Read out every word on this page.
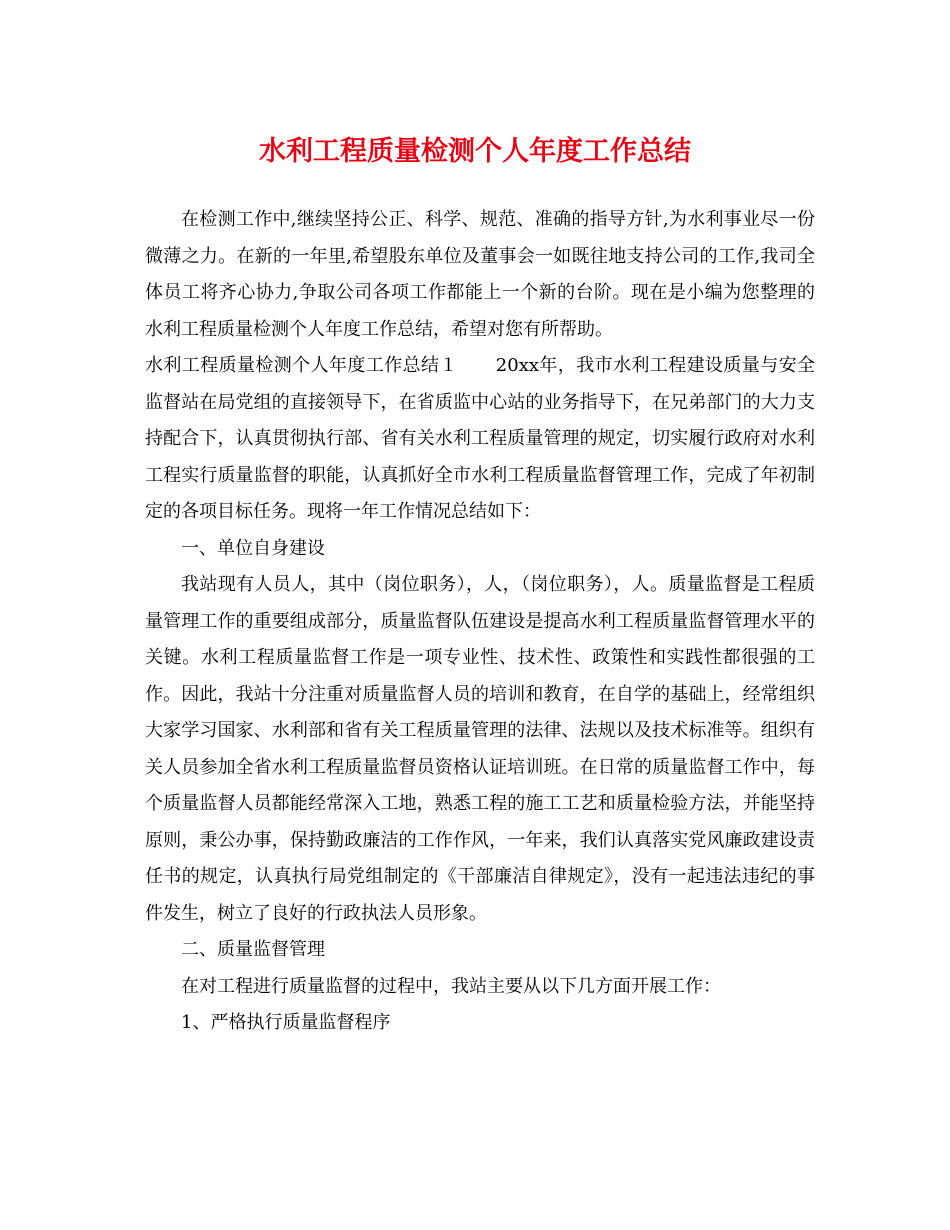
水利工程质量检测个人年度工作总结

在检测工作中,继续坚持公正、科学、规范、准确的指导方针,为水利事业尽一份微薄之力。在新的一年里,希望股东单位及董事会一如既往地支持公司的工作,我司全体员工将齐心协力,争取公司各项工作都能上一个新的台阶。现在是小编为您整理的水利工程质量检测个人年度工作总结，希望对您有所帮助。

水利工程质量检测个人年度工作总结１ 20xx年，我市水利工程建设质量与安全监督站在局党组的直接领导下，在省质监中心站的业务指导下，在兄弟部门的大力支持配合下，认真贯彻执行部、省有关水利工程质量管理的规定，切实履行政府对水利工程实行质量监督的职能，认真抓好全市水利工程质量监督管理工作，完成了年初制定的各项目标任务。现将一年工作情况总结如下：

一、单位自身建设

我站现有人员人，其中（岗位职务），人，（岗位职务），人。质量监督是工程质量管理工作的重要组成部分，质量监督队伍建设是提高水利工程质量监督管理水平的关键。水利工程质量监督工作是一项专业性、技术性、政策性和实践性都很强的工作。因此，我站十分注重对质量监督人员的培训和教育，在自学的基础上，经常组织大家学习国家、水利部和省有关工程质量管理的法律、法规以及技术标准等。组织有关人员参加全省水利工程质量监督员资格认证培训班。在日常的质量监督工作中，每个质量监督人员都能经常深入工地，熟悉工程的施工工艺和质量检验方法，并能坚持原则，秉公办事，保持勤政廉洁的工作作风，一年来，我们认真落实党风廉政建设责任书的规定，认真执行局党组制定的《干部廉洁自律规定》，没有一起违法违纪的事件发生，树立了良好的行政执法人员形象。

二、质量监督管理

在对工程进行质量监督的过程中，我站主要从以下几方面开展工作：

1、严格执行质量监督程序
